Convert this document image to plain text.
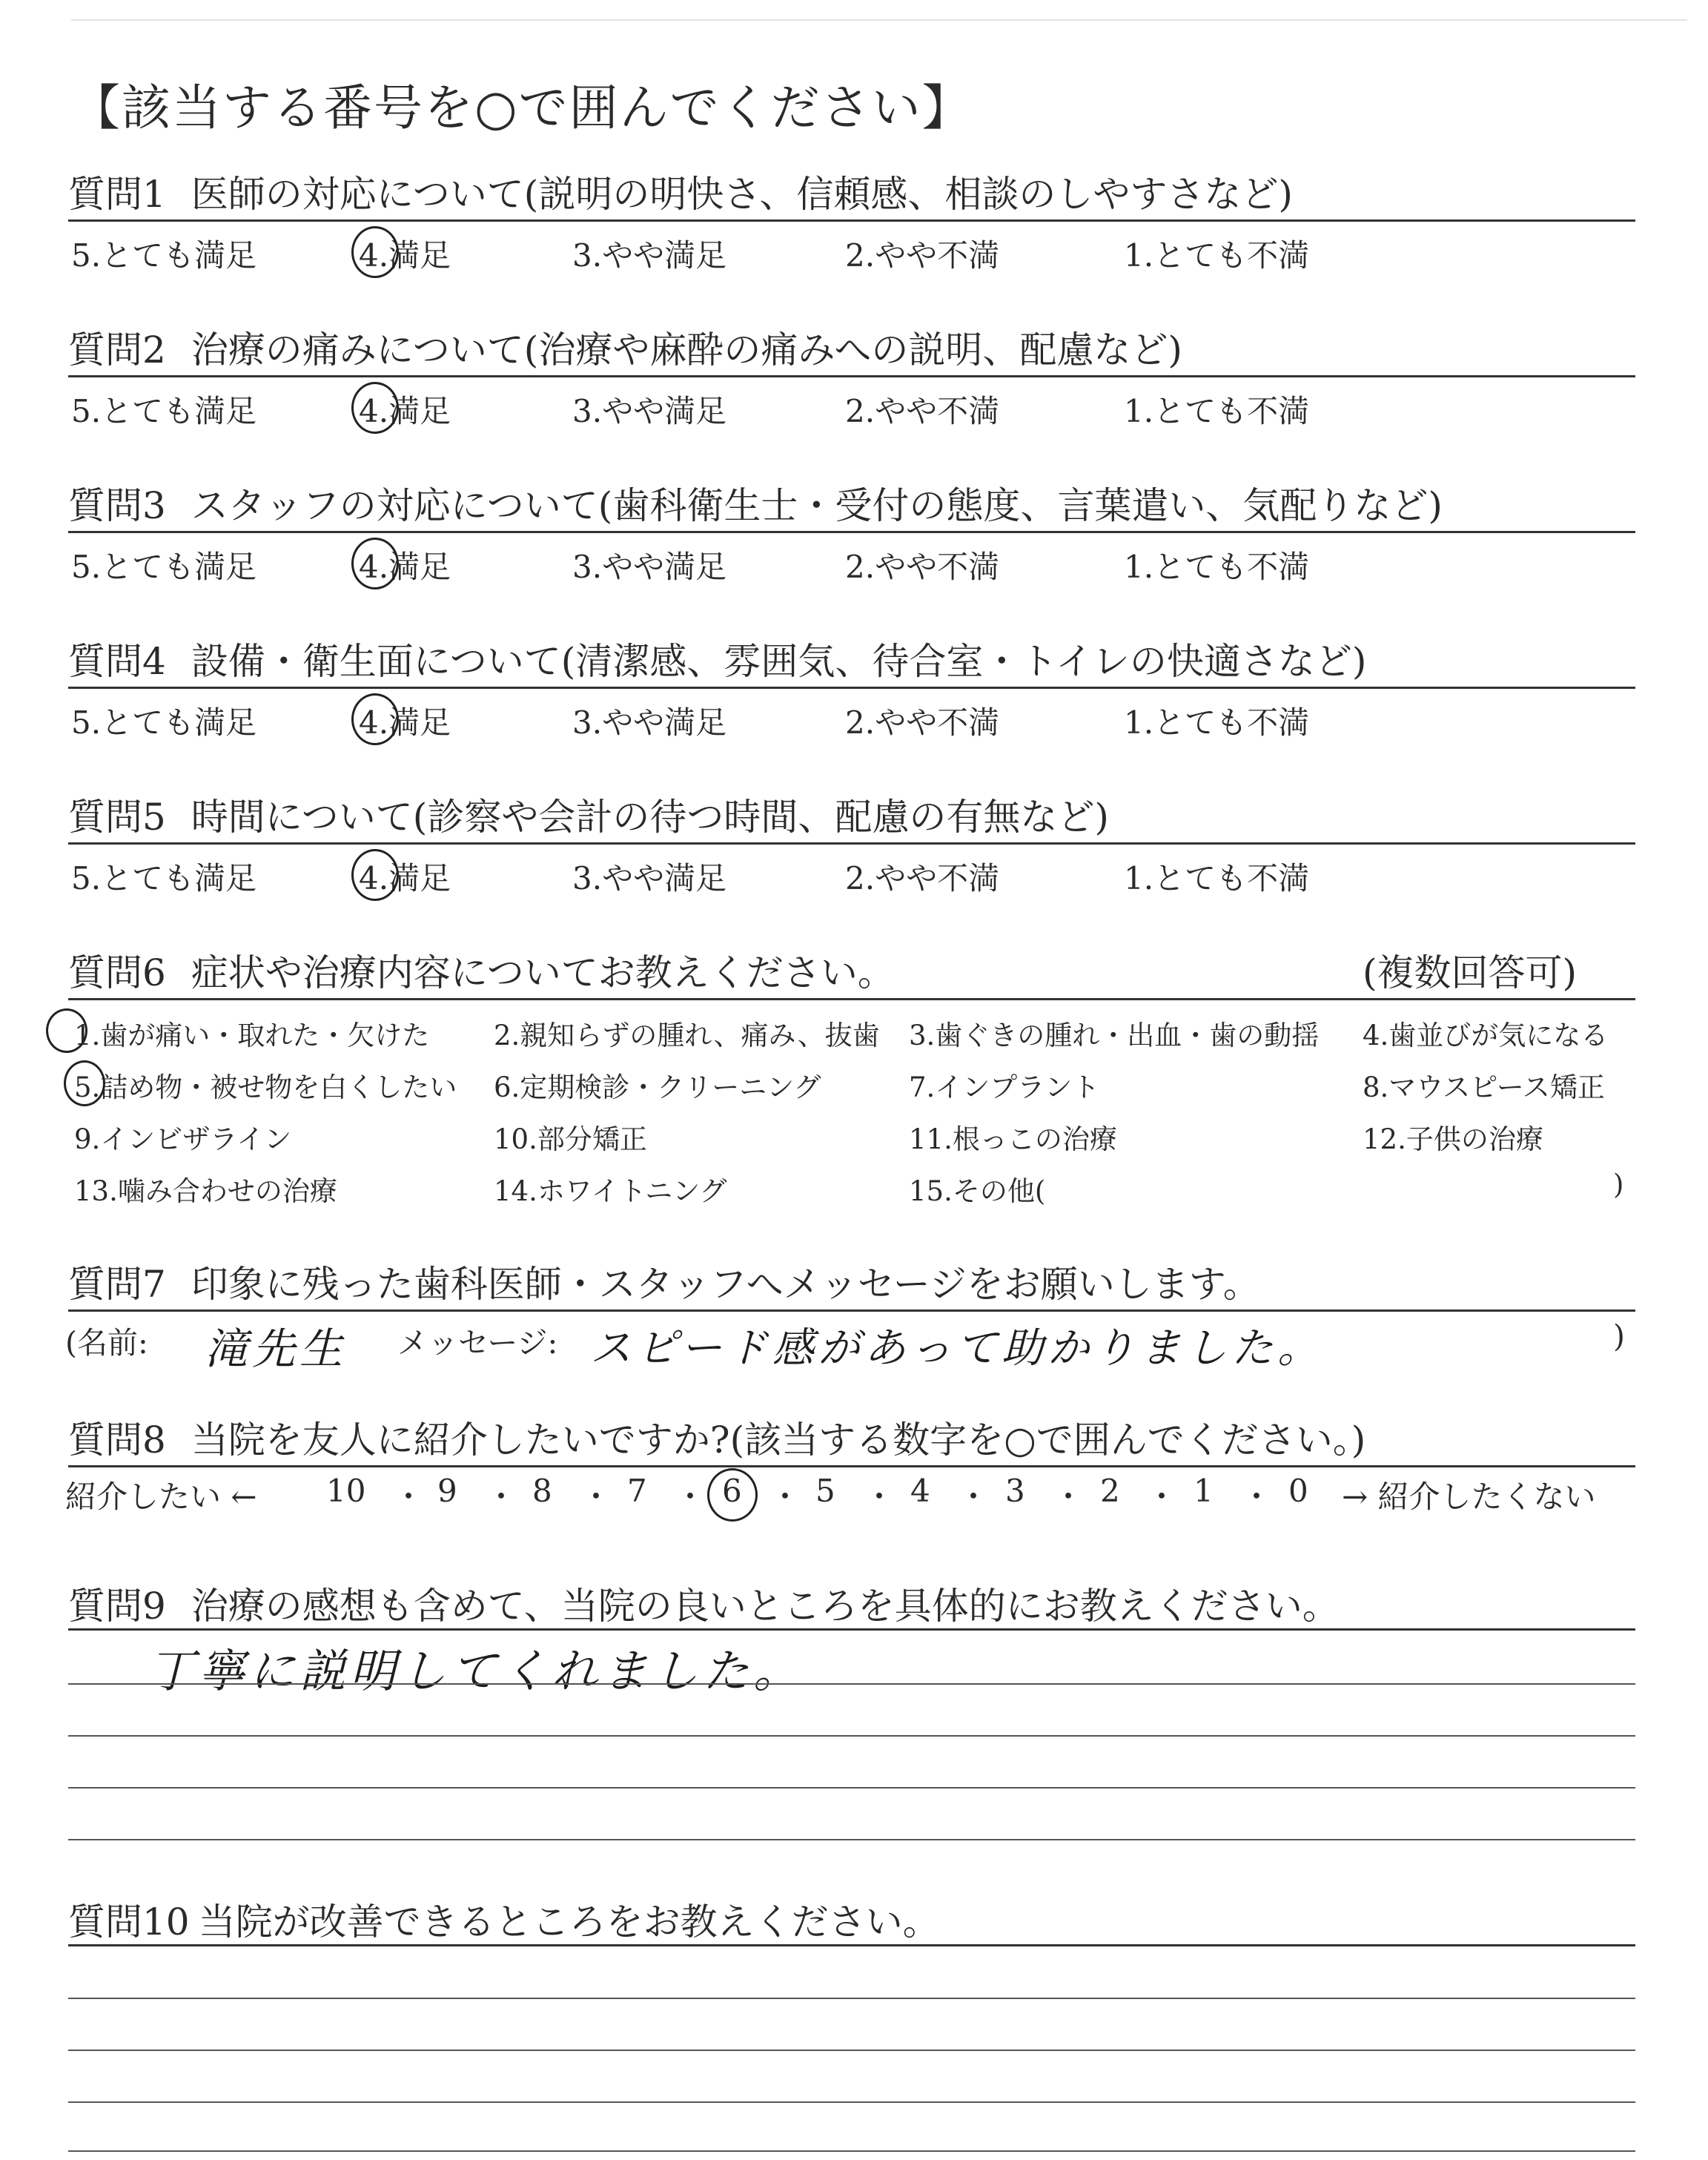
【該当する番号を○で囲んでください】
質問1 医師の対応について(説明の明快さ、信頼感、相談のしやすさなど)
5.とても満足	4.満足	3.やや満足	2.やや不満	1.とても不満
質問2 治療の痛みについて(治療や麻酔の痛みへの説明、配慮など)
5.とても満足	4.満足	3.やや満足	2.やや不満	1.とても不満
質問3 スタッフの対応について(歯科衛生士・受付の態度、言葉遣い、気配りなど)
5.とても満足	4.満足	3.やや満足	2.やや不満	1.とても不満
質問4 設備・衛生面について(清潔感、雰囲気、待合室・トイレの快適さなど)
5.とても満足	4.満足	3.やや満足	2.やや不満	1.とても不満
質問5 時間について(診察や会計の待つ時間、配慮の有無など)
5.とても満足	4.満足	3.やや満足	2.やや不満	1.とても不満
質問6 症状や治療内容についてお教えください。	(複数回答可)
1.歯が痛い・取れた・欠けた 2.親知らずの腫れ、痛み、抜歯 3.歯ぐきの腫れ・出血・歯の動揺 4.歯並びが気になる
5.詰め物・被せ物を白くしたい 6.定期検診・クリーニング	7.インプラント	8.マウスピース矯正
9.インビザライン	10.部分矯正	11.根っこの治療	12.子供の治療
13.噛み合わせの治療	14.ホワイトニング	15.その他(	)
質問7 印象に残った歯科医師・スタッフへメッセージをお願いします。
(名前: 滝先生 メッセージ: スピード感があって助かりました。	)
質問8 当院を友人に紹介したいですか?(該当する数字を○で囲んでください。)
紹介したい ← 10 ・ 9 ・ 8 ・ 7 ・ 6 ・ 5 ・ 4 ・ 3 ・ 2 ・ 1 ・ 0 → 紹介したくない
質問9 治療の感想も含めて、当院の良いところを具体的にお教えください。
丁寧に説明してくれました。
質問10 当院が改善できるところをお教えください。
